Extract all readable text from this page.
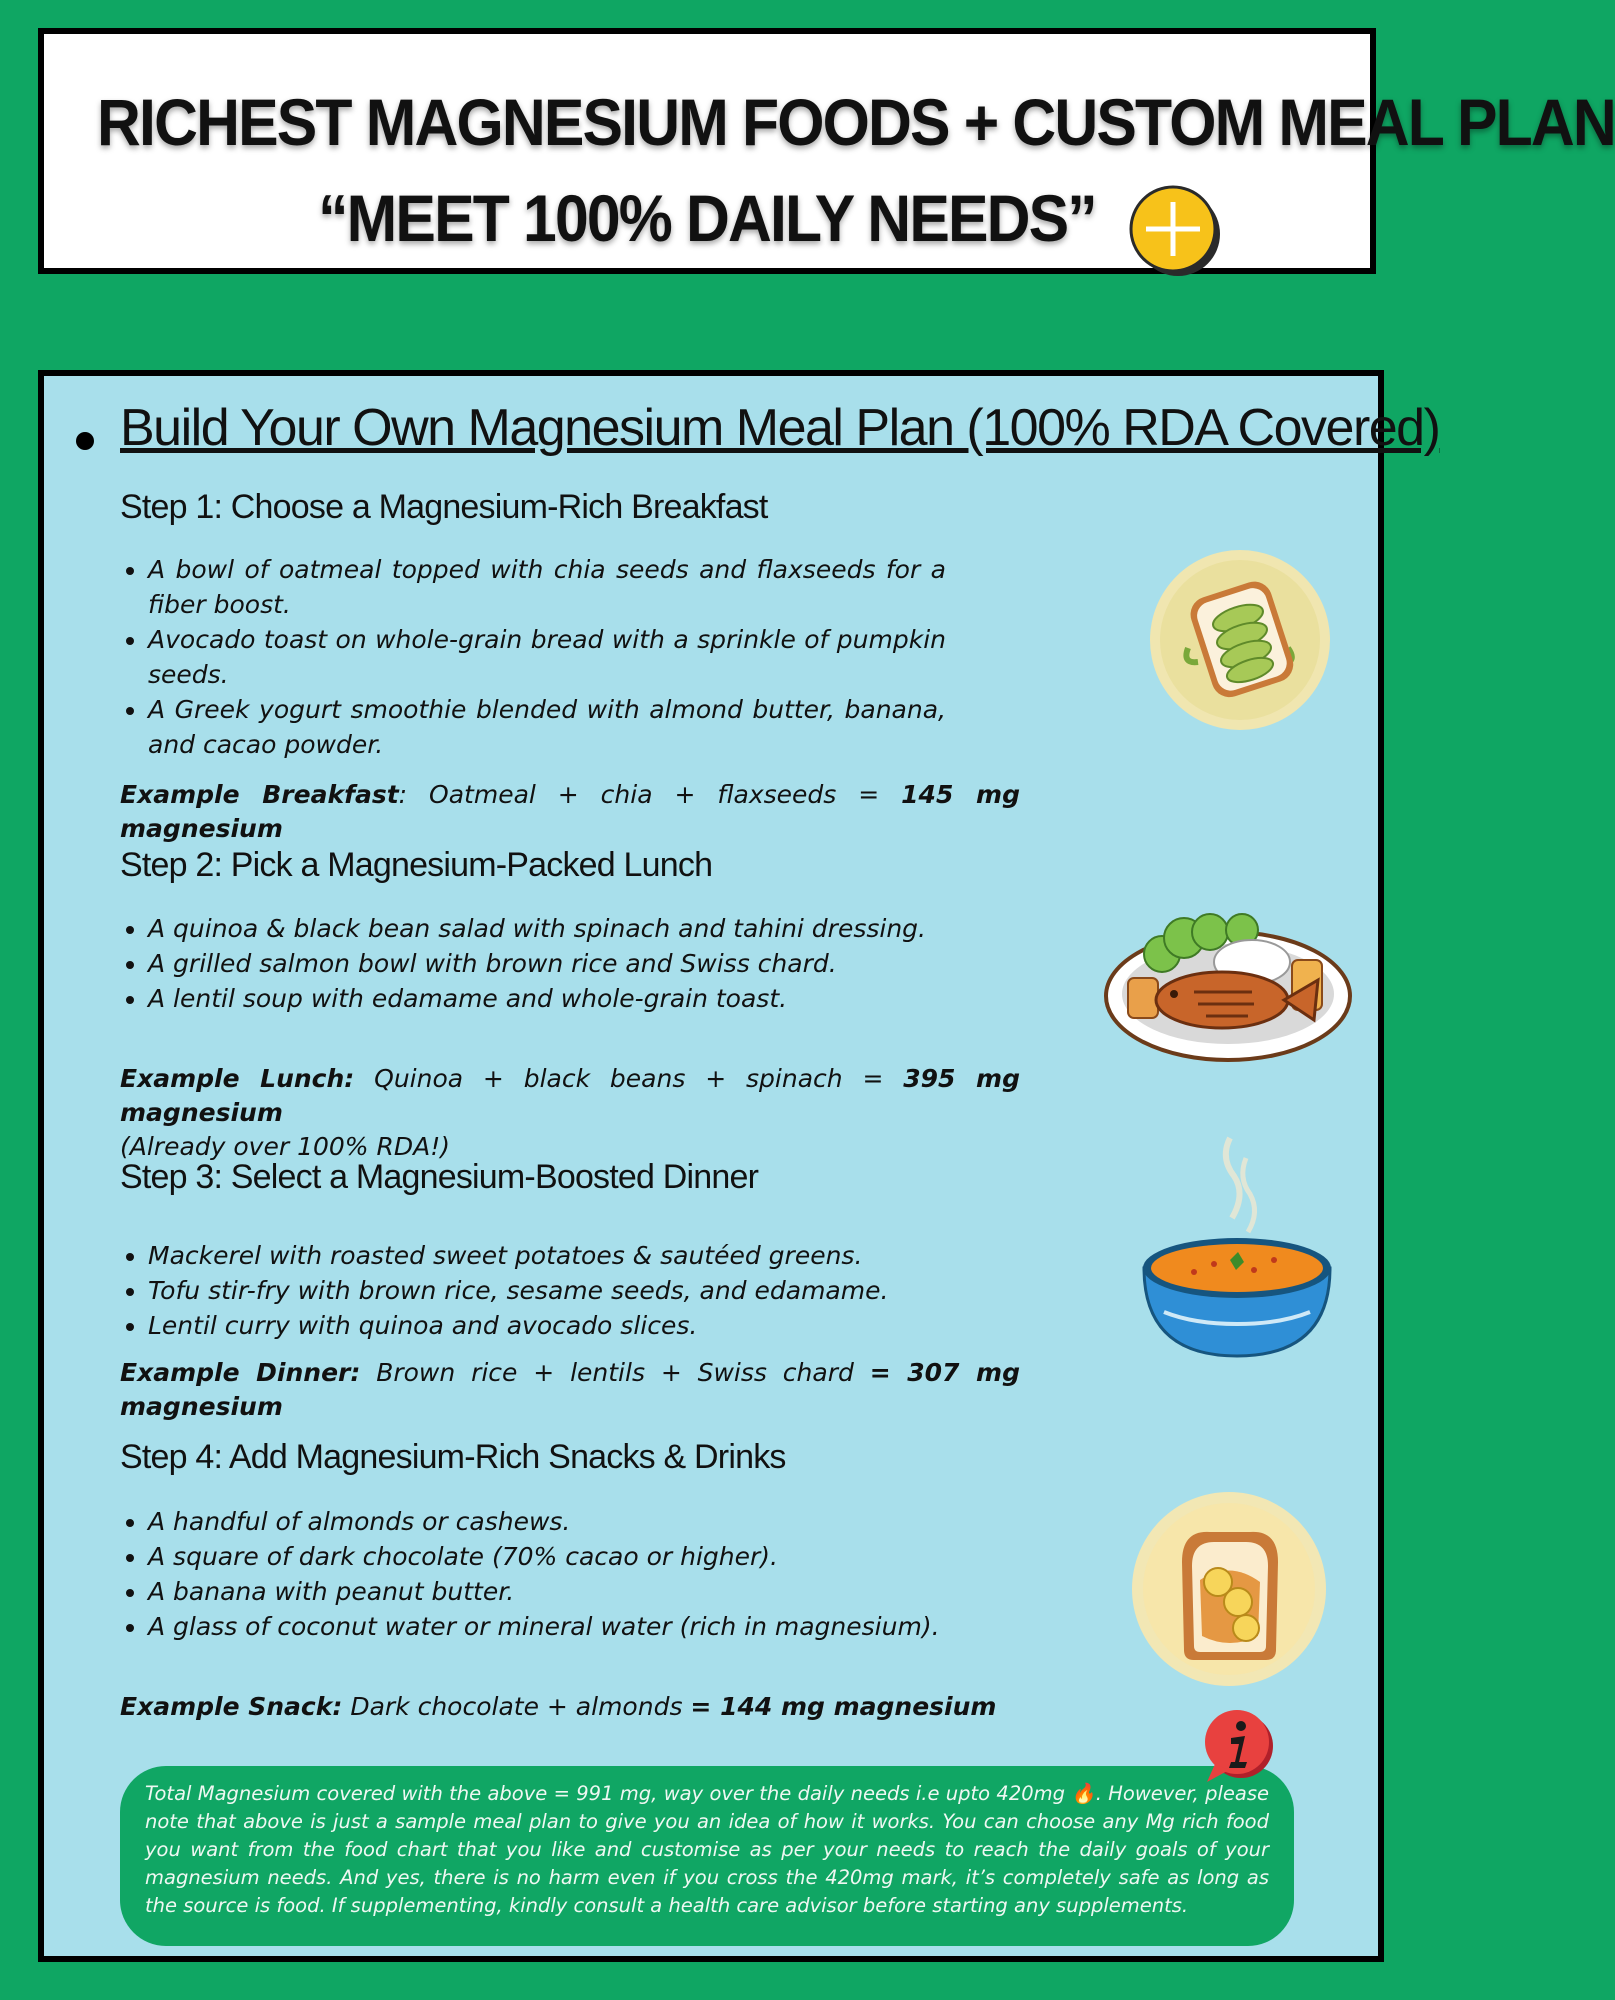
RICHEST MAGNESIUM FOODS + CUSTOM MEAL PLAN
“MEET 100% DAILY NEEDS”
Build Your Own Magnesium Meal Plan (100% RDA Covered)
Step 1: Choose a Magnesium-Rich Breakfast
• A bowl of oatmeal topped with chia seeds and flaxseeds for a fiber boost.
• Avocado toast on whole-grain bread with a sprinkle of pumpkin seeds.
• A Greek yogurt smoothie blended with almond butter, banana, and cacao powder.
Example Breakfast: Oatmeal + chia + flaxseeds = 145 mg magnesium
Step 2: Pick a Magnesium-Packed Lunch
• A quinoa & black bean salad with spinach and tahini dressing.
• A grilled salmon bowl with brown rice and Swiss chard.
• A lentil soup with edamame and whole-grain toast.
Example Lunch: Quinoa + black beans + spinach = 395 mg magnesium
(Already over 100% RDA!)
Step 3: Select a Magnesium-Boosted Dinner
• Mackerel with roasted sweet potatoes & sautéed greens.
• Tofu stir-fry with brown rice, sesame seeds, and edamame.
• Lentil curry with quinoa and avocado slices.
Example Dinner: Brown rice + lentils + Swiss chard = 307 mg magnesium
Step 4: Add Magnesium-Rich Snacks & Drinks
• A handful of almonds or cashews.
• A square of dark chocolate (70% cacao or higher).
• A banana with peanut butter.
• A glass of coconut water or mineral water (rich in magnesium).
Example Snack: Dark chocolate + almonds = 144 mg magnesium
Total Magnesium covered with the above = 991 mg, way over the daily needs i.e upto 420mg 🔥. However, please note that above is just a sample meal plan to give you an idea of how it works. You can choose any Mg rich food you want from the food chart that you like and customise as per your needs to reach the daily goals of your magnesium needs. And yes, there is no harm even if you cross the 420mg mark, it’s completely safe as long as the source is food. If supplementing, kindly consult a health care advisor before starting any supplements.
